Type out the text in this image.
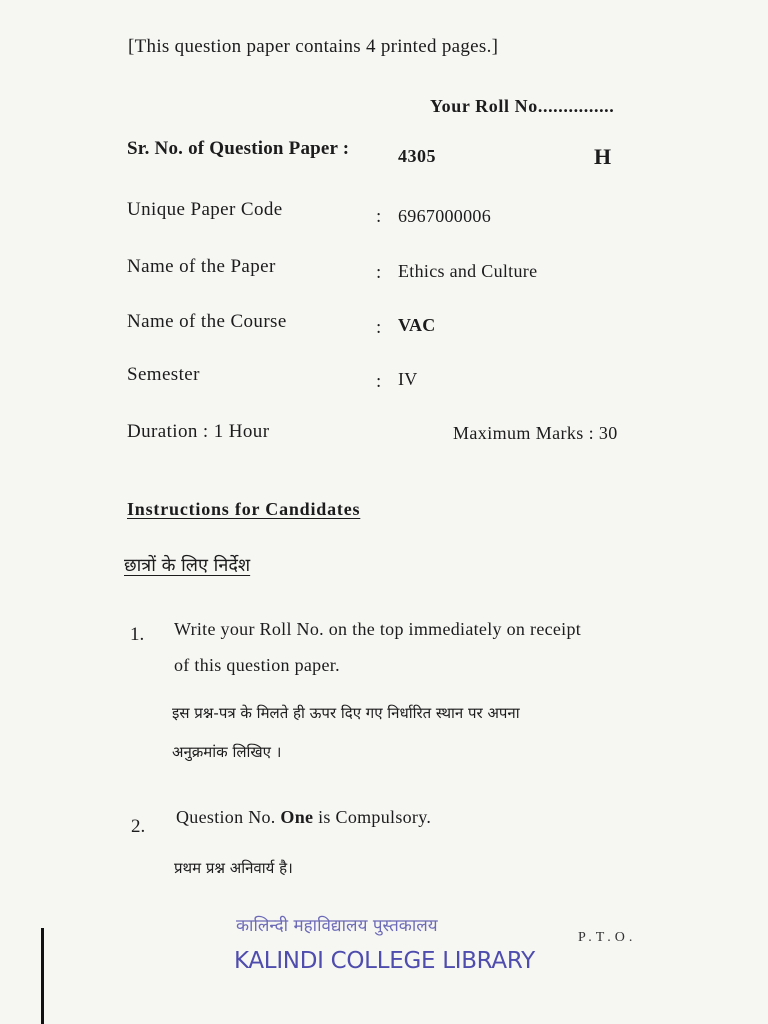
[This question paper contains 4 printed pages.]
Your Roll No...............
Sr. No. of Question Paper :	4305	H
Unique Paper Code	: 6967000006
Name of the Paper	: Ethics and Culture
Name of the Course	: VAC
Semester	: IV
Duration : 1 Hour	Maximum Marks : 30
Instructions for Candidates
छात्रों के लिए निर्देश
1. Write your Roll No. on the top immediately on receipt
of this question paper.
इस प्रश्न-पत्र के मिलते ही ऊपर दिए गए निर्धारित स्थान पर अपना
अनुक्रमांक लिखिए ।
2. Question No. One is Compulsory.
प्रथम प्रश्न अनिवार्य है।
कालिन्दी महाविद्यालय पुस्तकालय
KALINDI COLLEGE LIBRARY
P.T.O.
